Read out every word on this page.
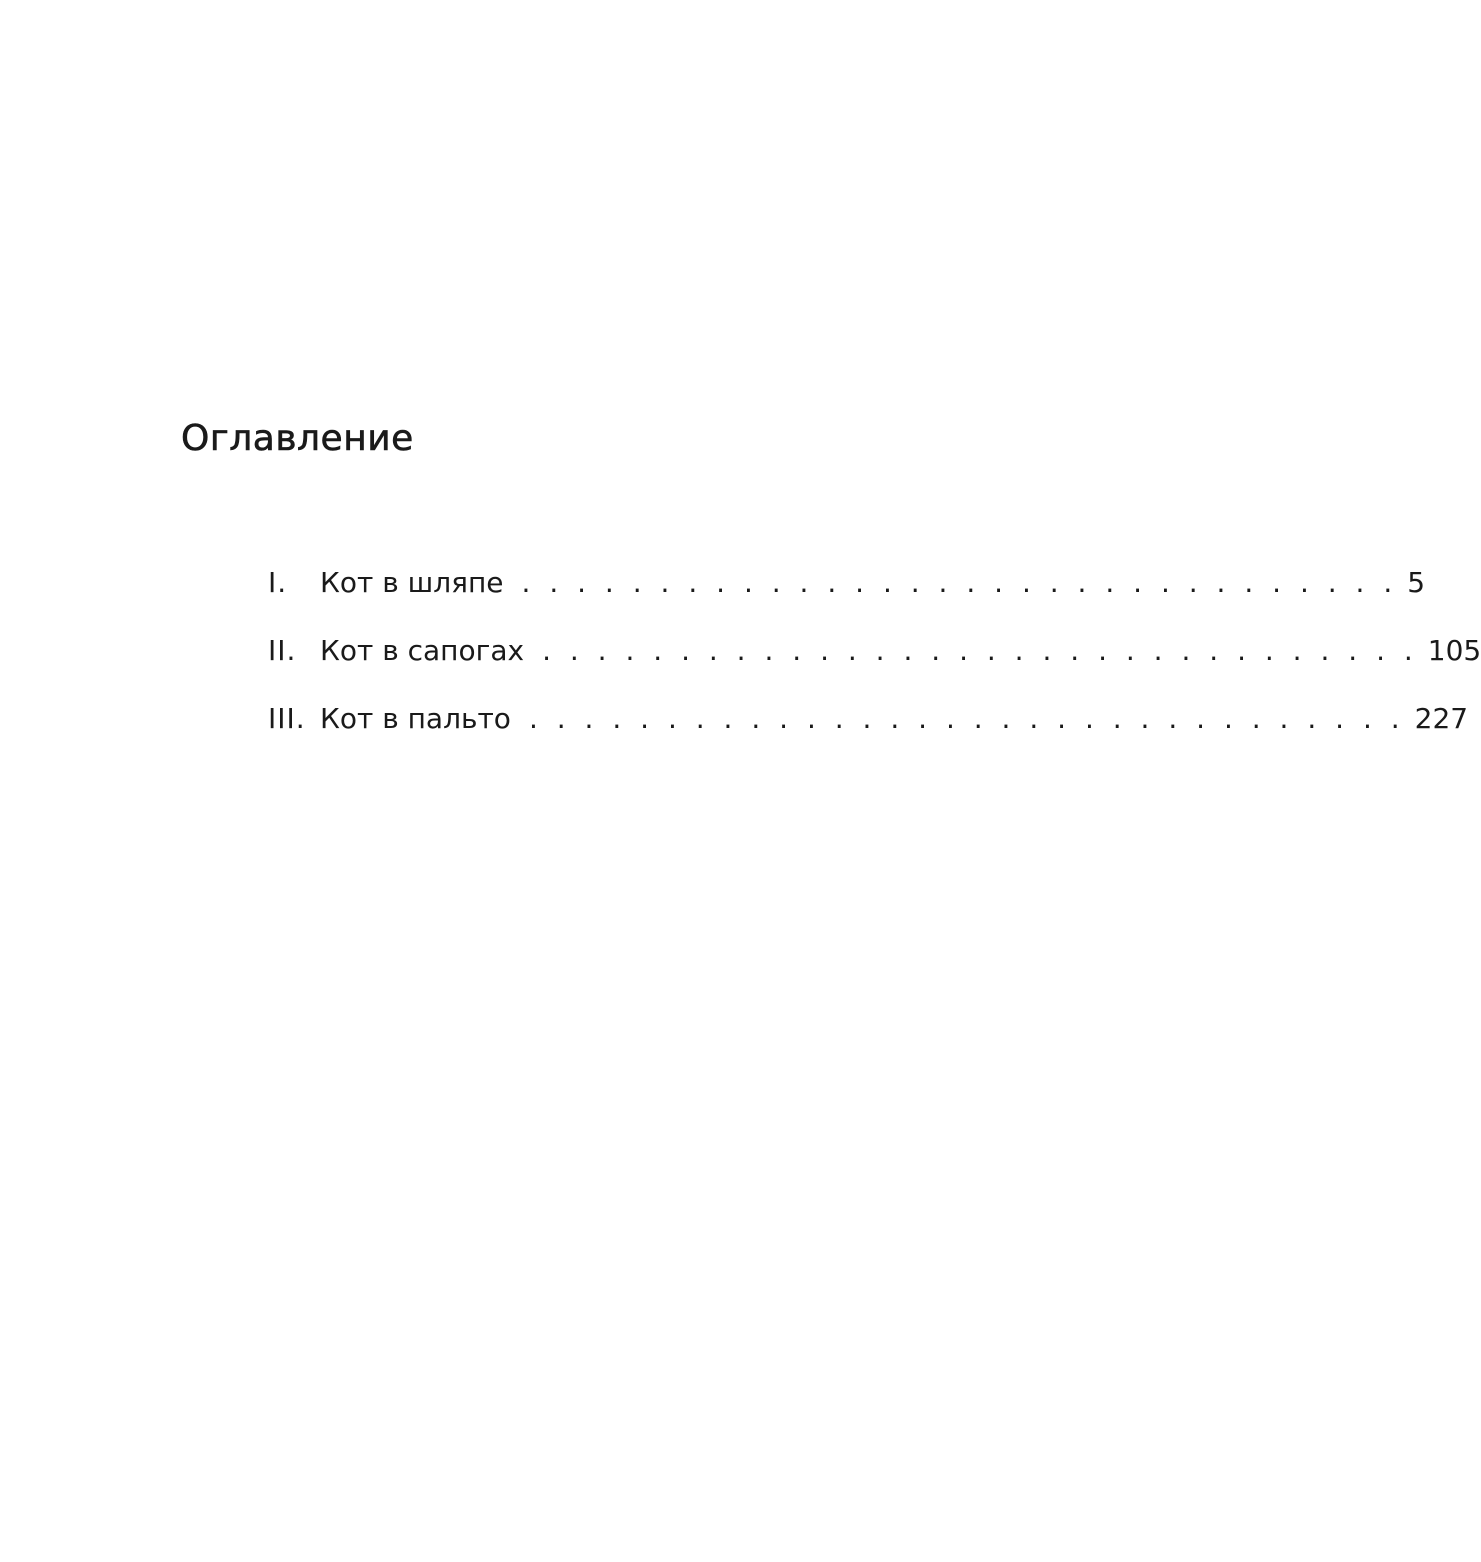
Оглавление
I.	Кот в шляпе . . . . . . . . . . . . . . . . . . . . . . . . . . . . . . . . 5
II. Кот в сапогах . . . . . . . . . . . . . . . . . . . . . . . . . . . . . . . . 105
III. Кот в пальто . . . . . . . . . . . . . . . . . . . . . . . . . . . . . . . . 227
